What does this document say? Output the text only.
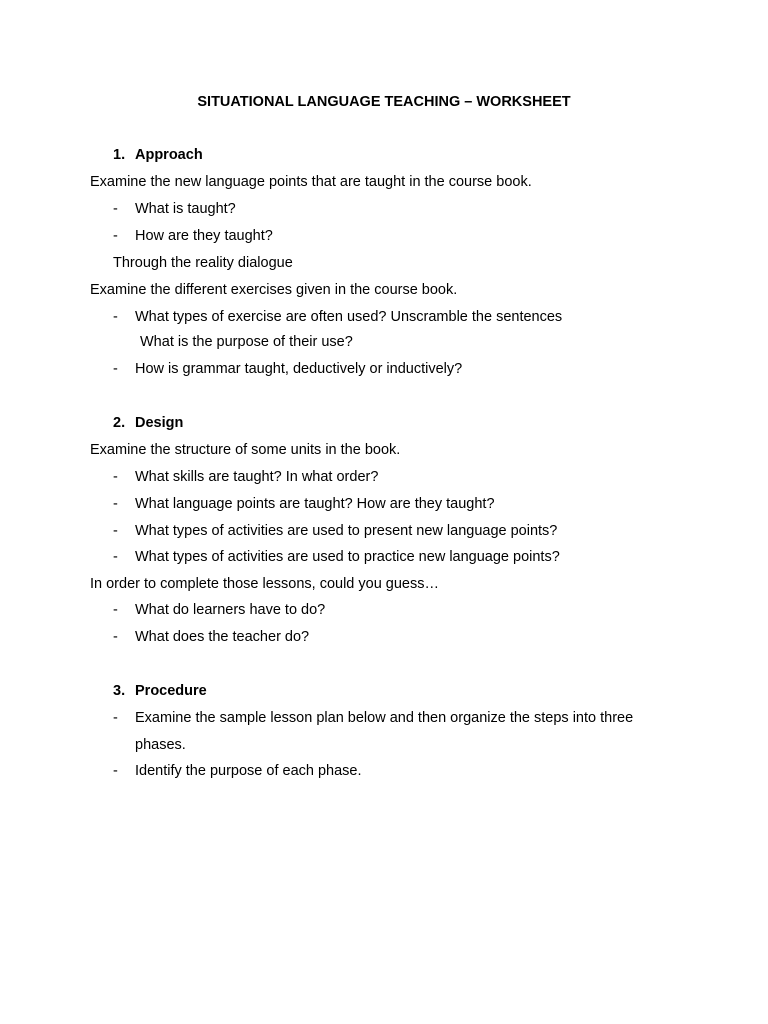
SITUATIONAL LANGUAGE TEACHING – WORKSHEET
1. Approach
Examine the new language points that are taught in the course book.
- What is taught?
- How are they taught?
Through the reality dialogue
Examine the different exercises given in the course book.
- What types of exercise are often used? Unscramble the sentences
What is the purpose of their use?
- How is grammar taught, deductively or inductively?
2. Design
Examine the structure of some units in the book.
- What skills are taught? In what order?
- What language points are taught? How are they taught?
- What types of activities are used to present new language points?
- What types of activities are used to practice new language points?
In order to complete those lessons, could you guess…
- What do learners have to do?
- What does the teacher do?
3. Procedure
- Examine the sample lesson plan below and then organize the steps into three
phases.
- Identify the purpose of each phase.
